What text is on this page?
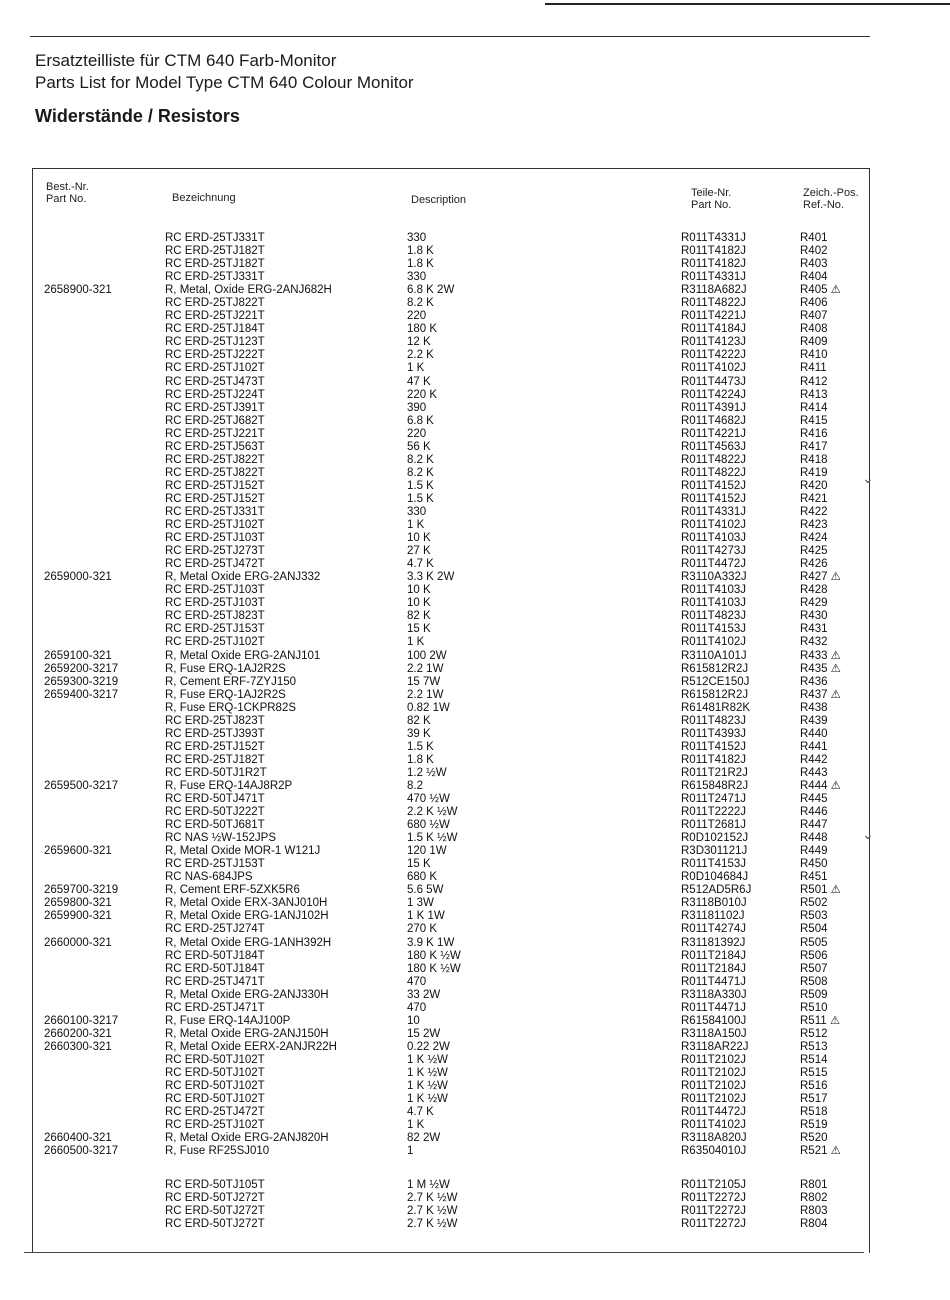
Ersatzteilliste für CTM 640 Farb-Monitor
Parts List for Model Type CTM 640 Colour Monitor
Widerstände / Resistors
Best.-Nr.
Part No.	Bezeichnung	Description
Teile-Nr.
Part No.
Zeich.-Pos.
Ref.-No.
2658900-321
2659000-321
2659100-321
2659200-3217
2659300-3219
2659400-3217
2659500-3217
2659600-321
2659700-3219
2659800-321
2659900-321
2660000-321
2660100-3217
2660200-321
2660300-321
2660400-321
2660500-3217
RC ERD-25TJ331T
RC ERD-25TJ182T
RC ERD-25TJ182T
RC ERD-25TJ331T
R, Metal, Oxide ERG-2ANJ682H
RC ERD-25TJ822T
RC ERD-25TJ221T
RC ERD-25TJ184T
RC ERD-25TJ123T
RC ERD-25TJ222T
RC ERD-25TJ102T
RC ERD-25TJ473T
RC ERD-25TJ224T
RC ERD-25TJ391T
RC ERD-25TJ682T
RC ERD-25TJ221T
RC ERD-25TJ563T
RC ERD-25TJ822T
RC ERD-25TJ822T
RC ERD-25TJ152T
RC ERD-25TJ152T
RC ERD-25TJ331T
RC ERD-25TJ102T
RC ERD-25TJ103T
RC ERD-25TJ273T
RC ERD-25TJ472T
R, Metal Oxide ERG-2ANJ332
RC ERD-25TJ103T
RC ERD-25TJ103T
RC ERD-25TJ823T
RC ERD-25TJ153T
RC ERD-25TJ102T
R, Metal Oxide ERG-2ANJ101
R, Fuse ERQ-1AJ2R2S
R, Cement ERF-7ZYJ150
R, Fuse ERQ-1AJ2R2S
R, Fuse ERQ-1CKPR82S
RC ERD-25TJ823T
RC ERD-25TJ393T
RC ERD-25TJ152T
RC ERD-25TJ182T
RC ERD-50TJ1R2T
R, Fuse ERQ-14AJ8R2P
RC ERD-50TJ471T
RC ERD-50TJ222T
RC ERD-50TJ681T
RC NAS ½W-152JPS
R, Metal Oxide MOR-1 W121J
RC ERD-25TJ153T
RC NAS-684JPS
R, Cement ERF-5ZXK5R6
R, Metal Oxide ERX-3ANJ010H
R, Metal Oxide ERG-1ANJ102H
RC ERD-25TJ274T
R, Metal Oxide ERG-1ANH392H
RC ERD-50TJ184T
RC ERD-50TJ184T
RC ERD-25TJ471T
R, Metal Oxide ERG-2ANJ330H
RC ERD-25TJ471T
R, Fuse ERQ-14AJ100P
R, Metal Oxide ERG-2ANJ150H
R, Metal Oxide EERX-2ANJR22H
RC ERD-50TJ102T
RC ERD-50TJ102T
RC ERD-50TJ102T
RC ERD-50TJ102T
RC ERD-25TJ472T
RC ERD-25TJ102T
R, Metal Oxide ERG-2ANJ820H
R, Fuse RF25SJ010
330
1.8 K
1.8 K
330
6.8 K 2W
8.2 K
220
180 K
12 K
2.2 K
1 K
47 K
220 K
390
6.8 K
220
56 K
8.2 K
8.2 K
1.5 K
1.5 K
330
1 K
10 K
27 K
4.7 K
3.3 K 2W
10 K
10 K
82 K
15 K
1 K
100 2W
2.2 1W
15 7W
2.2 1W
0.82 1W
82 K
39 K
1.5 K
1.8 K
1.2 ½W
8.2
470 ½W
2.2 K ½W
680 ½W
1.5 K ½W
120 1W
15 K
680 K
5.6 5W
1 3W
1 K 1W
270 K
3.9 K 1W
180 K ½W
180 K ½W
470
33 2W
470
10
15 2W
0.22 2W
1 K ½W
1 K ½W
1 K ½W
1 K ½W
4.7 K
1 K
82 2W
1
R011T4331J
R011T4182J
R011T4182J
R011T4331J
R3118A682J
R011T4822J
R011T4221J
R011T4184J
R011T4123J
R011T4222J
R011T4102J
R011T4473J
R011T4224J
R011T4391J
R011T4682J
R011T4221J
R011T4563J
R011T4822J
R011T4822J
R011T4152J
R011T4152J
R011T4331J
R011T4102J
R011T4103J
R011T4273J
R011T4472J
R3110A332J
R011T4103J
R011T4103J
R011T4823J
R011T4153J
R011T4102J
R3110A101J
R615812R2J
R512CE150J
R615812R2J
R61481R82K
R011T4823J
R011T4393J
R011T4152J
R011T4182J
R011T21R2J
R615848R2J
R011T2471J
R011T2222J
R011T2681J
R0D102152J
R3D301121J
R011T4153J
R0D104684J
R512AD5R6J
R3118B010J
R31181102J
R011T4274J
R31181392J
R011T2184J
R011T2184J
R011T4471J
R3118A330J
R011T4471J
R61584100J
R3118A150J
R3118AR22J
R011T2102J
R011T2102J
R011T2102J
R011T2102J
R011T4472J
R011T4102J
R3118A820J
R63504010J
R401
R402
R403
R404
R405 ⚠
R406
R407
R408
R409
R410
R411
R412
R413
R414
R415
R416
R417
R418
R419
R420
R421
R422
R423
R424
R425
R426
R427 ⚠
R428
R429
R430
R431
R432
R433 ⚠
R435 ⚠
R436
R437 ⚠
R438
R439
R440
R441
R442
R443
R444 ⚠
R445
R446
R447
R448
R449
R450
R451
R501 ⚠
R502
R503
R504
R505
R506
R507
R508
R509
R510
R511 ⚠
R512
R513
R514
R515
R516
R517
R518
R519
R520
R521 ⚠
RC ERD-50TJ105T
RC ERD-50TJ272T
RC ERD-50TJ272T
RC ERD-50TJ272T
1 M ½W
2.7 K ½W
2.7 K ½W
2.7 K ½W
R011T2105J
R011T2272J
R011T2272J
R011T2272J
R801
R802
R803
R804
⌄
⌄
